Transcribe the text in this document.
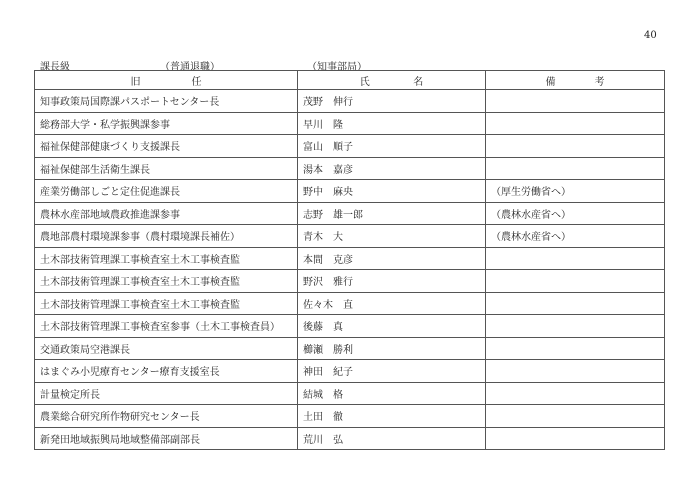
40
課長級	（普通退職）	（知事部局）
旧 任	氏 名	備 考

知事政策局国際課パスポートセンター長	茂野　伸行	
総務部大学・私学振興課参事	早川　隆	
福祉保健部健康づくり支援課長	富山　順子	
福祉保健部生活衛生課長	湯本　嘉彦	
産業労働部しごと定住促進課長	野中　麻央	（厚生労働省へ）
農林水産部地域農政推進課参事	志野　雄一郎	（農林水産省へ）
農地部農村環境課参事（農村環境課長補佐）	青木　大	（農林水産省へ）
土木部技術管理課工事検査室土木工事検査監	本間　克彦	
土木部技術管理課工事検査室土木工事検査監	野沢　雅行	
土木部技術管理課工事検査室土木工事検査監	佐々木　直	
土木部技術管理課工事検査室参事（土木工事検査員）	後藤　真	
交通政策局空港課長	櫛瀬　勝利	
はまぐみ小児療育センター療育支援室長	神田　紀子	
計量検定所長	結城　格	
農業総合研究所作物研究センター長	土田　徹	
新発田地域振興局地域整備部副部長	荒川　弘	
